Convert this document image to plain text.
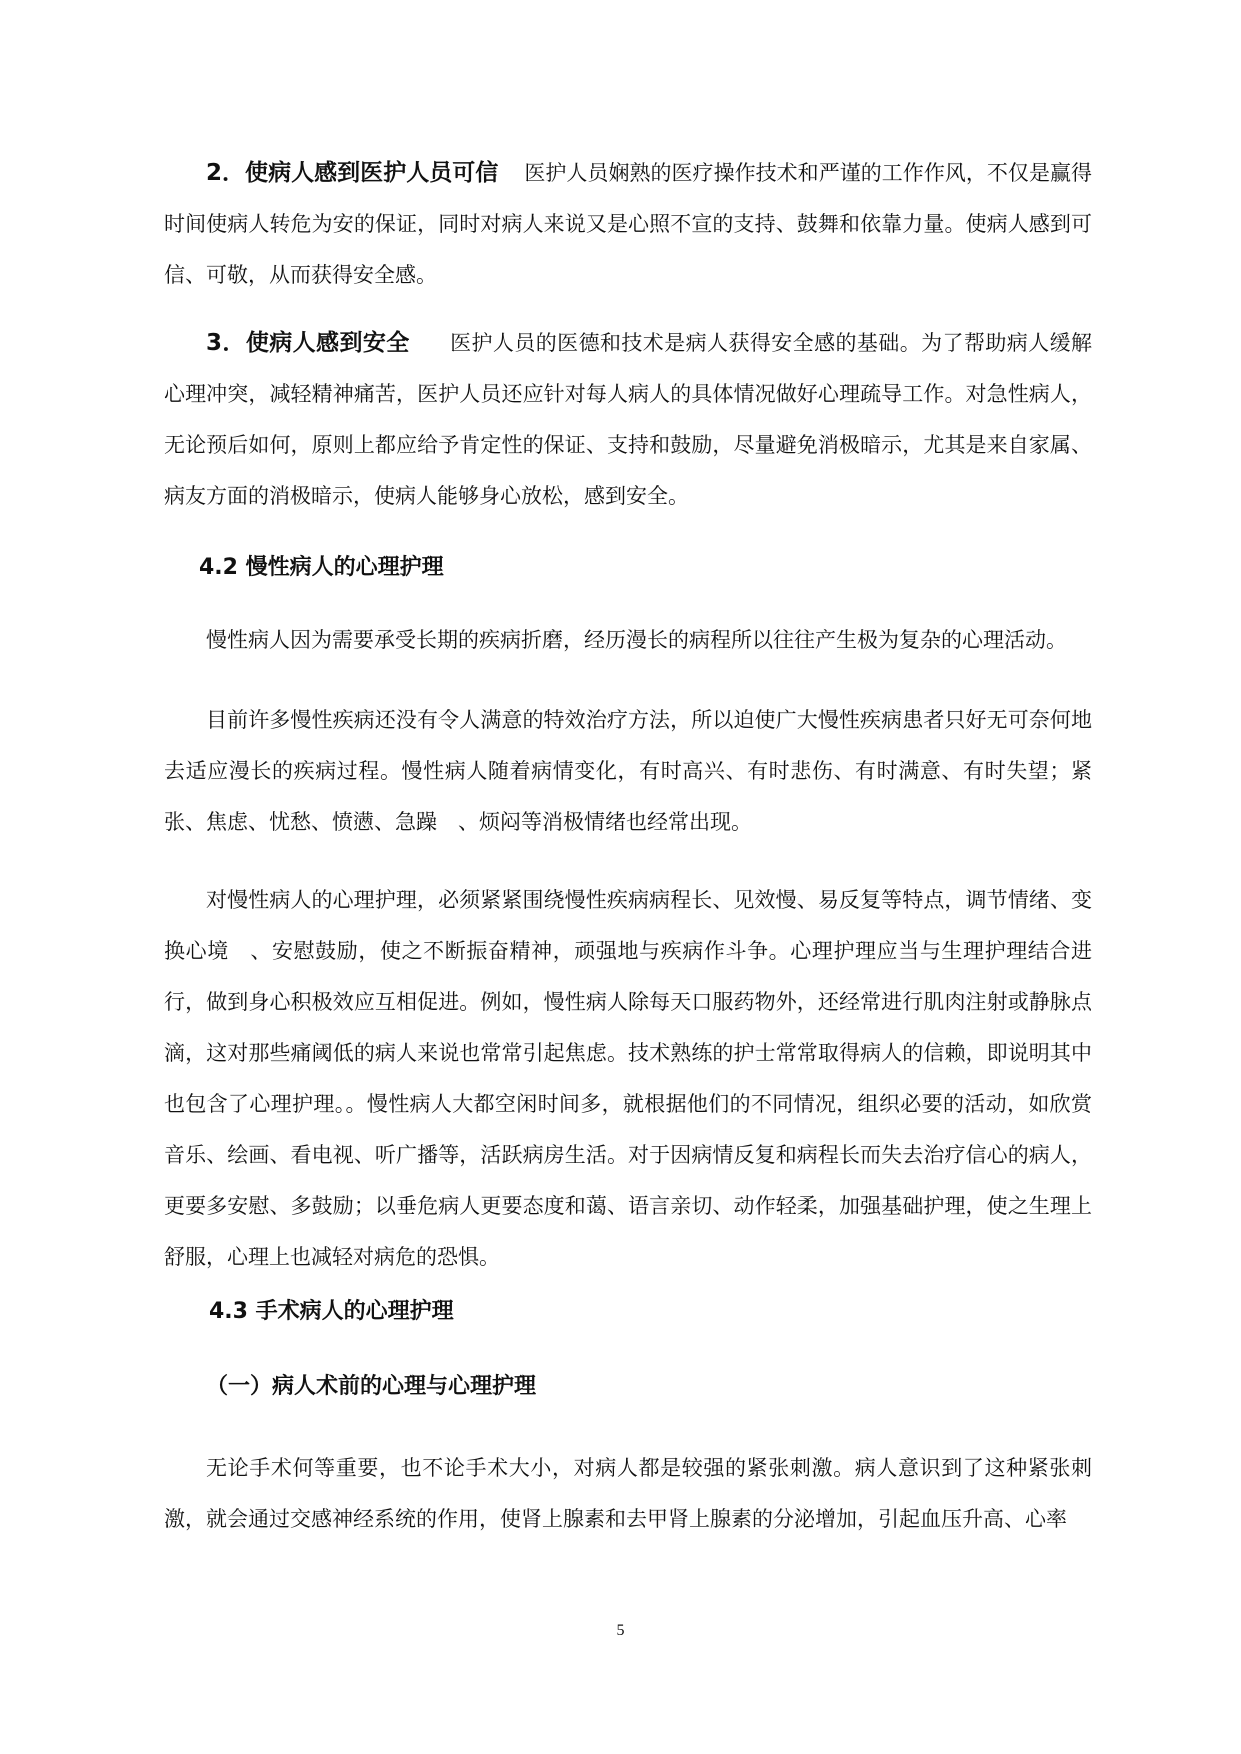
2．使病人感到医护人员可信 医护人员娴熟的医疗操作技术和严谨的工作作风，不仅是赢得时间使病人转危为安的保证，同时对病人来说又是心照不宣的支持、鼓舞和依靠力量。使病人感到可信、可敬，从而获得安全感。

3．使病人感到安全 医护人员的医德和技术是病人获得安全感的基础。为了帮助病人缓解心理冲突，减轻精神痛苦，医护人员还应针对每人病人的具体情况做好心理疏导工作。对急性病人，无论预后如何，原则上都应给予肯定性的保证、支持和鼓励，尽量避免消极暗示，尤其是来自家属、病友方面的消极暗示，使病人能够身心放松，感到安全。

4.2 慢性病人的心理护理

慢性病人因为需要承受长期的疾病折磨，经历漫长的病程所以往往产生极为复杂的心理活动。

目前许多慢性疾病还没有令人满意的特效治疗方法，所以迫使广大慢性疾病患者只好无可奈何地去适应漫长的疾病过程。慢性病人随着病情变化，有时高兴、有时悲伤、有时满意、有时失望；紧张、焦虑、忧愁、愤懑、急躁　、烦闷等消极情绪也经常出现。

对慢性病人的心理护理，必须紧紧围绕慢性疾病病程长、见效慢、易反复等特点，调节情绪、变换心境　、安慰鼓励，使之不断振奋精神，顽强地与疾病作斗争。心理护理应当与生理护理结合进行，做到身心积极效应互相促进。例如，慢性病人除每天口服药物外，还经常进行肌肉注射或静脉点滴，这对那些痛阈低的病人来说也常常引起焦虑。技术熟练的护士常常取得病人的信赖，即说明其中也包含了心理护理。。慢性病人大都空闲时间多，就根据他们的不同情况，组织必要的活动，如欣赏音乐、绘画、看电视、听广播等，活跃病房生活。对于因病情反复和病程长而失去治疗信心的病人，更要多安慰、多鼓励；以垂危病人更要态度和蔼、语言亲切、动作轻柔，加强基础护理，使之生理上舒服，心理上也减轻对病危的恐惧。

4.3 手术病人的心理护理
（一）病人术前的心理与心理护理

无论手术何等重要，也不论手术大小，对病人都是较强的紧张刺激。病人意识到了这种紧张刺激，就会通过交感神经系统的作用，使肾上腺素和去甲肾上腺素的分泌增加，引起血压升高、心率

5
